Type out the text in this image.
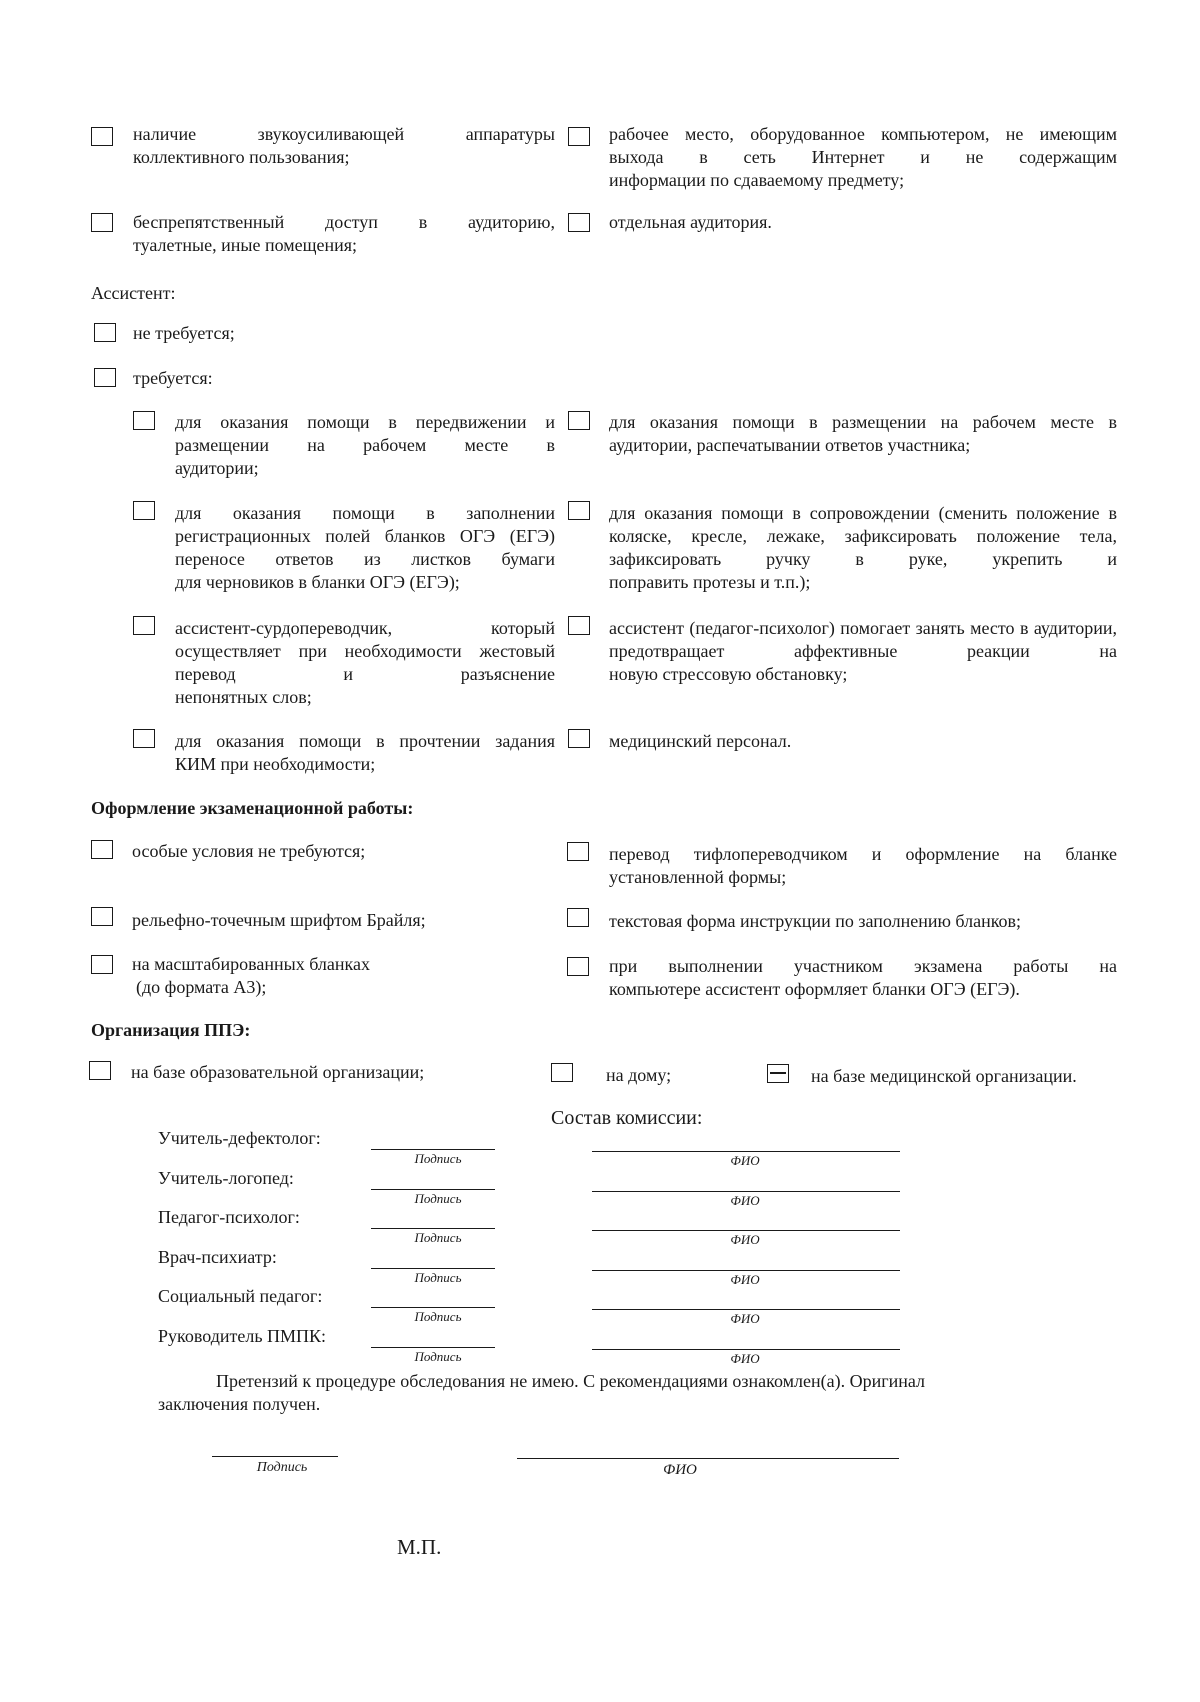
наличие звукоусиливающей аппаратуры
коллективного пользования;
рабочее место, оборудованное компьютером, не имеющим выхода в сеть Интернет и не содержащим
информации по сдаваемому предмету;
беспрепятственный доступ в аудиторию,
туалетные, иные помещения;
отдельная аудитория.
Ассистент:
не требуется;
требуется:
для оказания помощи в передвижении и размещении на рабочем месте в
аудитории;
для оказания помощи в размещении на рабочем месте в
аудитории, распечатывании ответов участника;
для оказания помощи в заполнении регистрационных полей бланков ОГЭ (ЕГЭ) переносе ответов из листков бумаги
для черновиков в бланки ОГЭ (ЕГЭ);
для оказания помощи в сопровождении (сменить положение в коляске, кресле, лежаке, зафиксировать положение тела, зафиксировать ручку в руке, укрепить и
поправить протезы и т.п.);
ассистент-сурдопереводчик, который осуществляет при необходимости жестовый перевод и разъяснение
непонятных слов;
ассистент (педагог-психолог) помогает занять место в аудитории, предотвращает аффективные реакции на
новую стрессовую обстановку;
для оказания помощи в прочтении задания
КИМ при необходимости;
медицинский персонал.
Оформление экзаменационной работы:
особые условия не требуются;	перевод тифлопереводчиком и оформление на бланке
установленной формы;
рельефно-точечным шрифтом Брайля;	текстовая форма инструкции по заполнению бланков;
на масштабированных бланках
(до формата А3);
при выполнении участником экзамена работы на
компьютере ассистент оформляет бланки ОГЭ (ЕГЭ).
Организация ППЭ:
на базе образовательной организации;	на дому;	на базе медицинской организации.
Состав комиссии:
Учитель-дефектолог:
Подпись	ФИО
Учитель-логопед:
Подпись	ФИО
Педагог-психолог:
Подпись	ФИО
Врач-психиатр:
Подпись	ФИО
Социальный педагог:
Подпись	ФИО
Руководитель ПМПК:
Подпись	ФИО
Претензий к процедуре обследования не имею. С рекомендациями ознакомлен(а). Оригинал
заключения получен.
Подпись	ФИО
М.П.
